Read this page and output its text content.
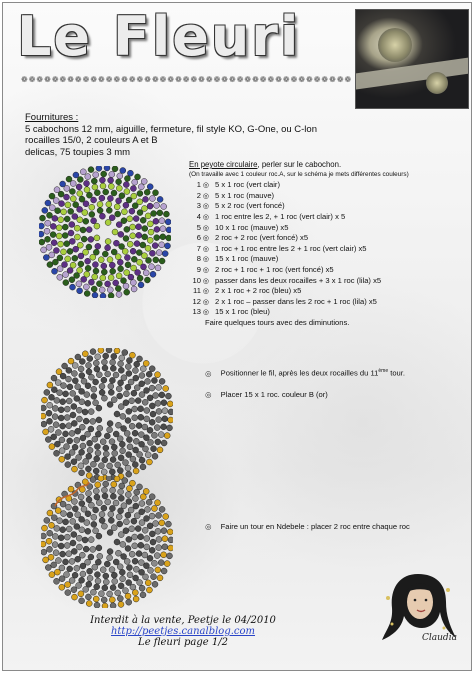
Le Fleuri
❁❁❁❁❁❁❁❁❁❁❁❁❁❁❁❁❁❁❁❁❁❁❁❁❁❁❁❁❁❁❁❁❁❁❁❁❁❁❁❁❁❁❁
Fournitures :
5 cabochons 12 mm, aiguille, fermeture, fil style KO, G-One, ou C-lon
rocailles 15/0, 2 couleurs A et B
delicas, 75 toupies 3 mm
En peyote circulaire, perler sur le cabochon.
(On travaille avec 1 couleur roc.A, sur le schéma je mets différentes couleurs)
1 ◎ 5 x 1 roc (vert clair)
2 ◎ 5 x 1 roc (mauve)
3 ◎ 5 x 2 roc (vert foncé)
4 ◎ 1 roc entre les 2, + 1 roc (vert clair) x 5
5 ◎ 10 x 1 roc (mauve) x5
6 ◎ 2 roc + 2 roc (vert foncé) x5
7 ◎ 1 roc + 1 roc entre les 2 + 1 roc (vert clair) x5
8 ◎ 15 x 1 roc (mauve)
9 ◎ 2 roc + 1 roc + 1 roc (vert foncé) x5
10 ◎ passer dans les deux rocailles + 3 x 1 roc (lila) x5
11 ◎ 2 x 1 roc + 2 roc (bleu) x5
12 ◎ 2 x 1 roc – passer dans les 2 roc + 1 roc (lila) x5
13 ◎ 15 x 1 roc (bleu)
Faire quelques tours avec des diminutions.
◎ Positionner le fil, après les deux rocailles du 11ème tour.
◎ Placer 15 x 1 roc. couleur B (or)
◎ Faire un tour en Ndebele : placer 2 roc entre chaque roc
Interdit à la vente, Peetje le 04/2010
http://peetjes.canalblog.com
Le fleuri page 1/2	Claudia
